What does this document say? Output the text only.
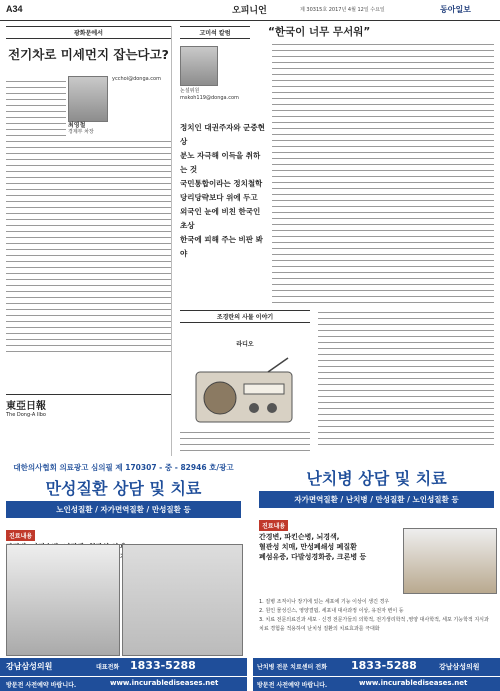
A34	오피니언	제 30315호 2017년 4월 12일 수요일	동아일보
광화문에서
전기차로 미세먼지 잡는다고?
최영철
경제부 차장
ycchoi@donga.com
東亞日報
The Dong-A Ilbo
고미석 칼럼	“한국이 너무 무서워”
논설위원
mskoh119@donga.com
정치인 대권주자와 군중현상
분노 자극해 이득을 취하는 것
국민통합이라는 정치철학
당리당략보다 위에 두고
외국인 눈에 비친 한국인 초상
한국에 피해 주는 비판 봐야
조경란의 사물 이야기
라디오
대한의사협회 의료광고 심의필 제 170307 - 중 - 82946 호/광고
만성질환 상담 및 치료
노인성질환 / 자가면역질환 / 만성질환 등
진료내용
강남삼성의원	대표전화 1833-5288
방문전 사전예약 바랍니다.	www.incurablediseases.net
난치병 상담 및 치료
자가면역질환 / 난치병 / 만성질환 / 노인성질환 등
진료내용
간경변, 파킨슨병, 뇌경색,
혈관성 치매, 만성폐쇄성 폐질환
폐섬유증, 다발성경화증, 크론병 등
1. 질병 조직이나 장기에 있는 세포에 기능 이상이 생긴 경우
2. 원인 물성신스, 영양결핍, 세포내 대사과정 이상, 유전자 변이 등
3. 치료 전문의료진과 세포 · 신경 전문가들의 의학적, 전기생리학적 ,영양 대사학적, 세포 기능학적 지식과 치료 경험을 적용하여 난치성 질환의 치료효과를 극대화
난치병 전문 치료센터 전화 1833-5288	강남삼성의원
방문전 사전예약 바랍니다.	www.incurablediseases.net
